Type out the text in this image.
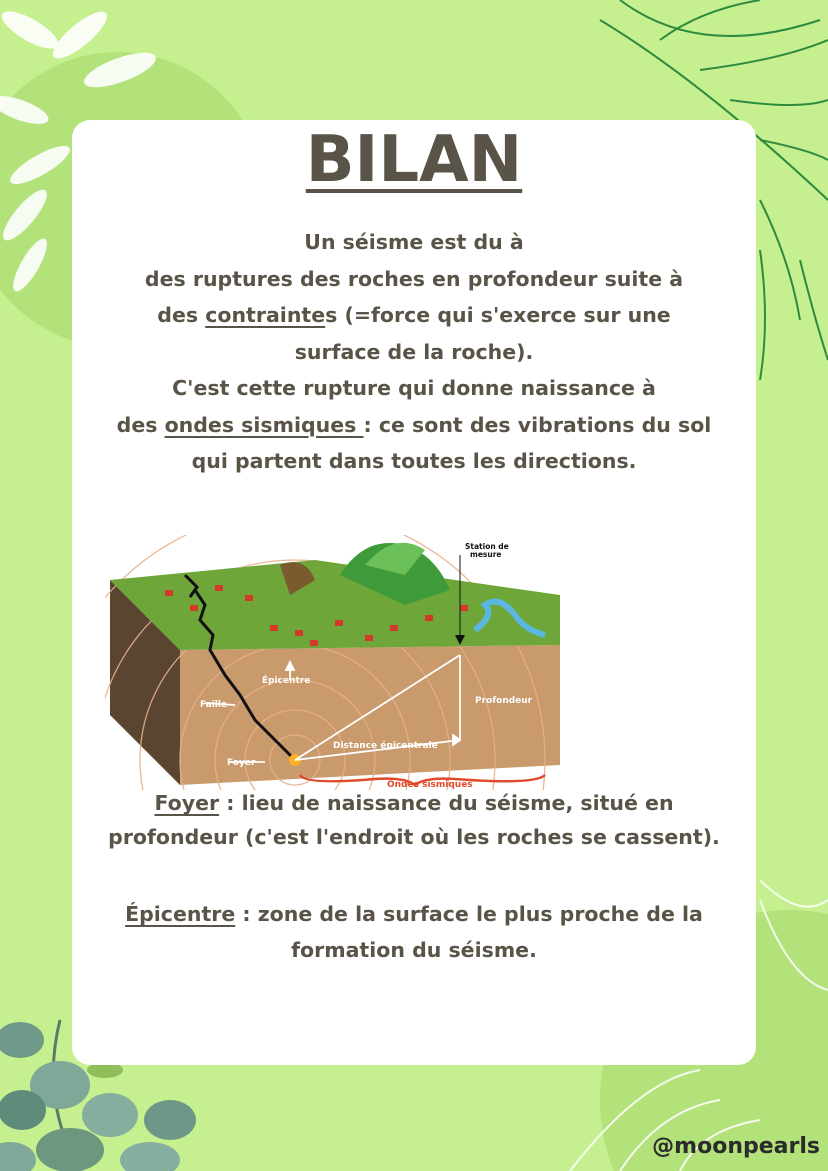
BILAN

Un séisme est du à
des ruptures des roches en profondeur suite à
des contraintes (=force qui s'exerce sur une
surface de la roche).
C'est cette rupture qui donne naissance à
des ondes sismiques : ce sont des vibrations du sol
qui partent dans toutes les directions.

Station de
mesure
Épicentre
Faille	Profondeur
Distance épicentrale
Foyer
Ondes sismiques

Foyer : lieu de naissance du séisme, situé en
profondeur (c'est l'endroit où les roches se cassent).

Épicentre : zone de la surface le plus proche de la
formation du séisme.

@moonpearls
